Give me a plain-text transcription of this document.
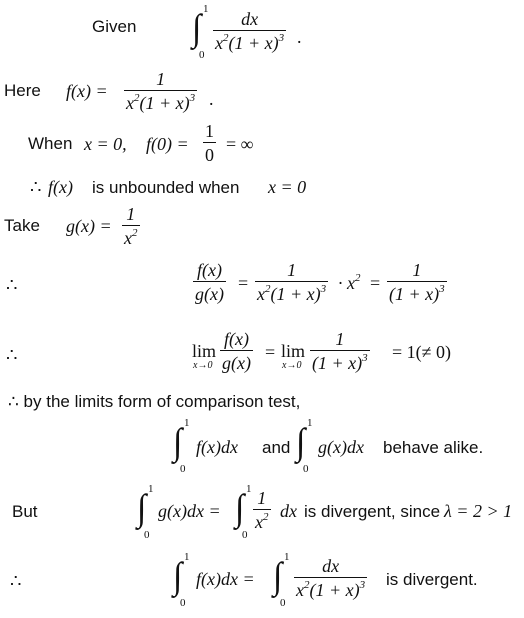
Given
1
∫
0
$\frac{dx}{x^2(1 + x)^3}$ .
Here $f(x) = \frac{1}{x^2(1 + x)^3}$ .
When x = 0, $f(0) = \frac{1}{0}$ = ∞
∴ f(x) is unbounded when x = 0
Take $g(x) = \frac{1}{x^2}$
∴	$\frac{f(x)}{g(x)} = \frac{1}{x^2(1 + x)^3} \cdot x^2 = \frac{1}{(1 + x)^3}$
∴	lim
$x\to 0 \frac{f(x)}{g(x)} = \lim$
$x\to 0 \frac{1}{(1 + x)^3} = 1(\ne 0)$
∴ by the limits form of comparison test,
1
∫
0
f(x)dx and
1
∫
0
g(x)dx behave alike.
But
1
∫
0
g(x)dx =
1
∫
0
$\frac{1}{x^2}$ dx is divergent, since λ = 2 > 1
∴
1
∫
0
f(x)dx =
1
∫
0
$\frac{dx}{x^2(1 + x)^3}$ is divergent.
